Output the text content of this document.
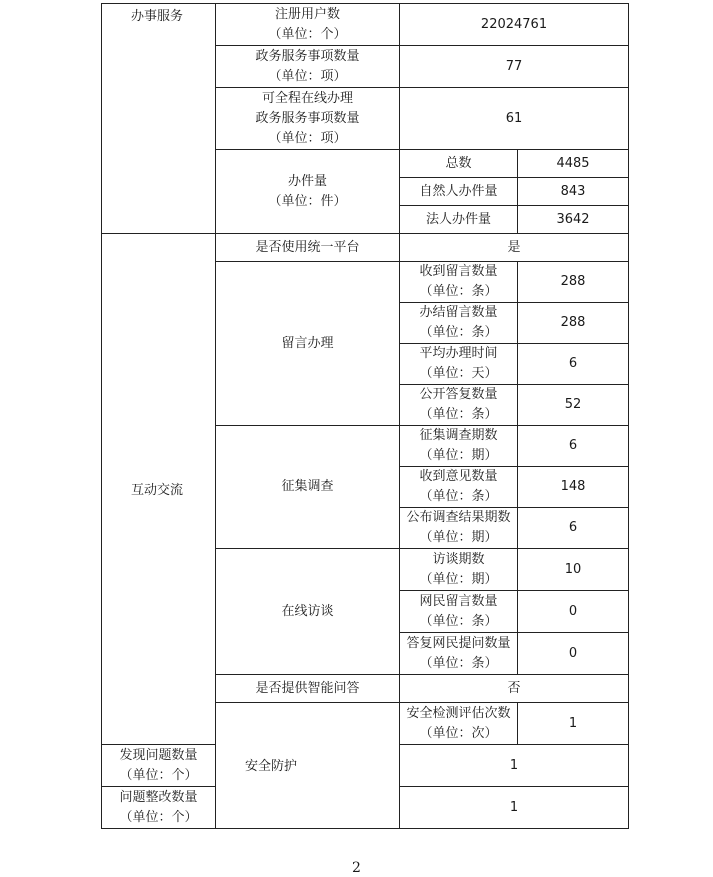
办事服务	注册用户数
（单位：个）	22024761	

	政务服务事项数量
（单位：项）	77	

	可全程在线办理
政务服务事项数量
（单位：项）	61	

	办件量
（单位：件）	总数	4485
		自然人办件量	843
		法人办件量	3642
互动交流	是否使用统一平台	是	
	留言办理	收到留言数量
（单位：条）	288

		办结留言数量
（单位：条）	288

		平均办理时间
（单位：天）	6

		公开答复数量
（单位：条）	52
	征集调查	征集调查期数
（单位：期）	6

		收到意见数量
（单位：条）	148

		公布调查结果期数
（单位：期）	6
	在线访谈	访谈期数
（单位：期）	10

		网民留言数量
（单位：条）	0

		答复网民提问数量
（单位：条）	0
	是否提供智能问答	否	
	安全防护	安全检测评估次数
（单位：次）	1

发现问题数量
（单位：个）		1	

问题整改数量
（单位：个）		1	
2
